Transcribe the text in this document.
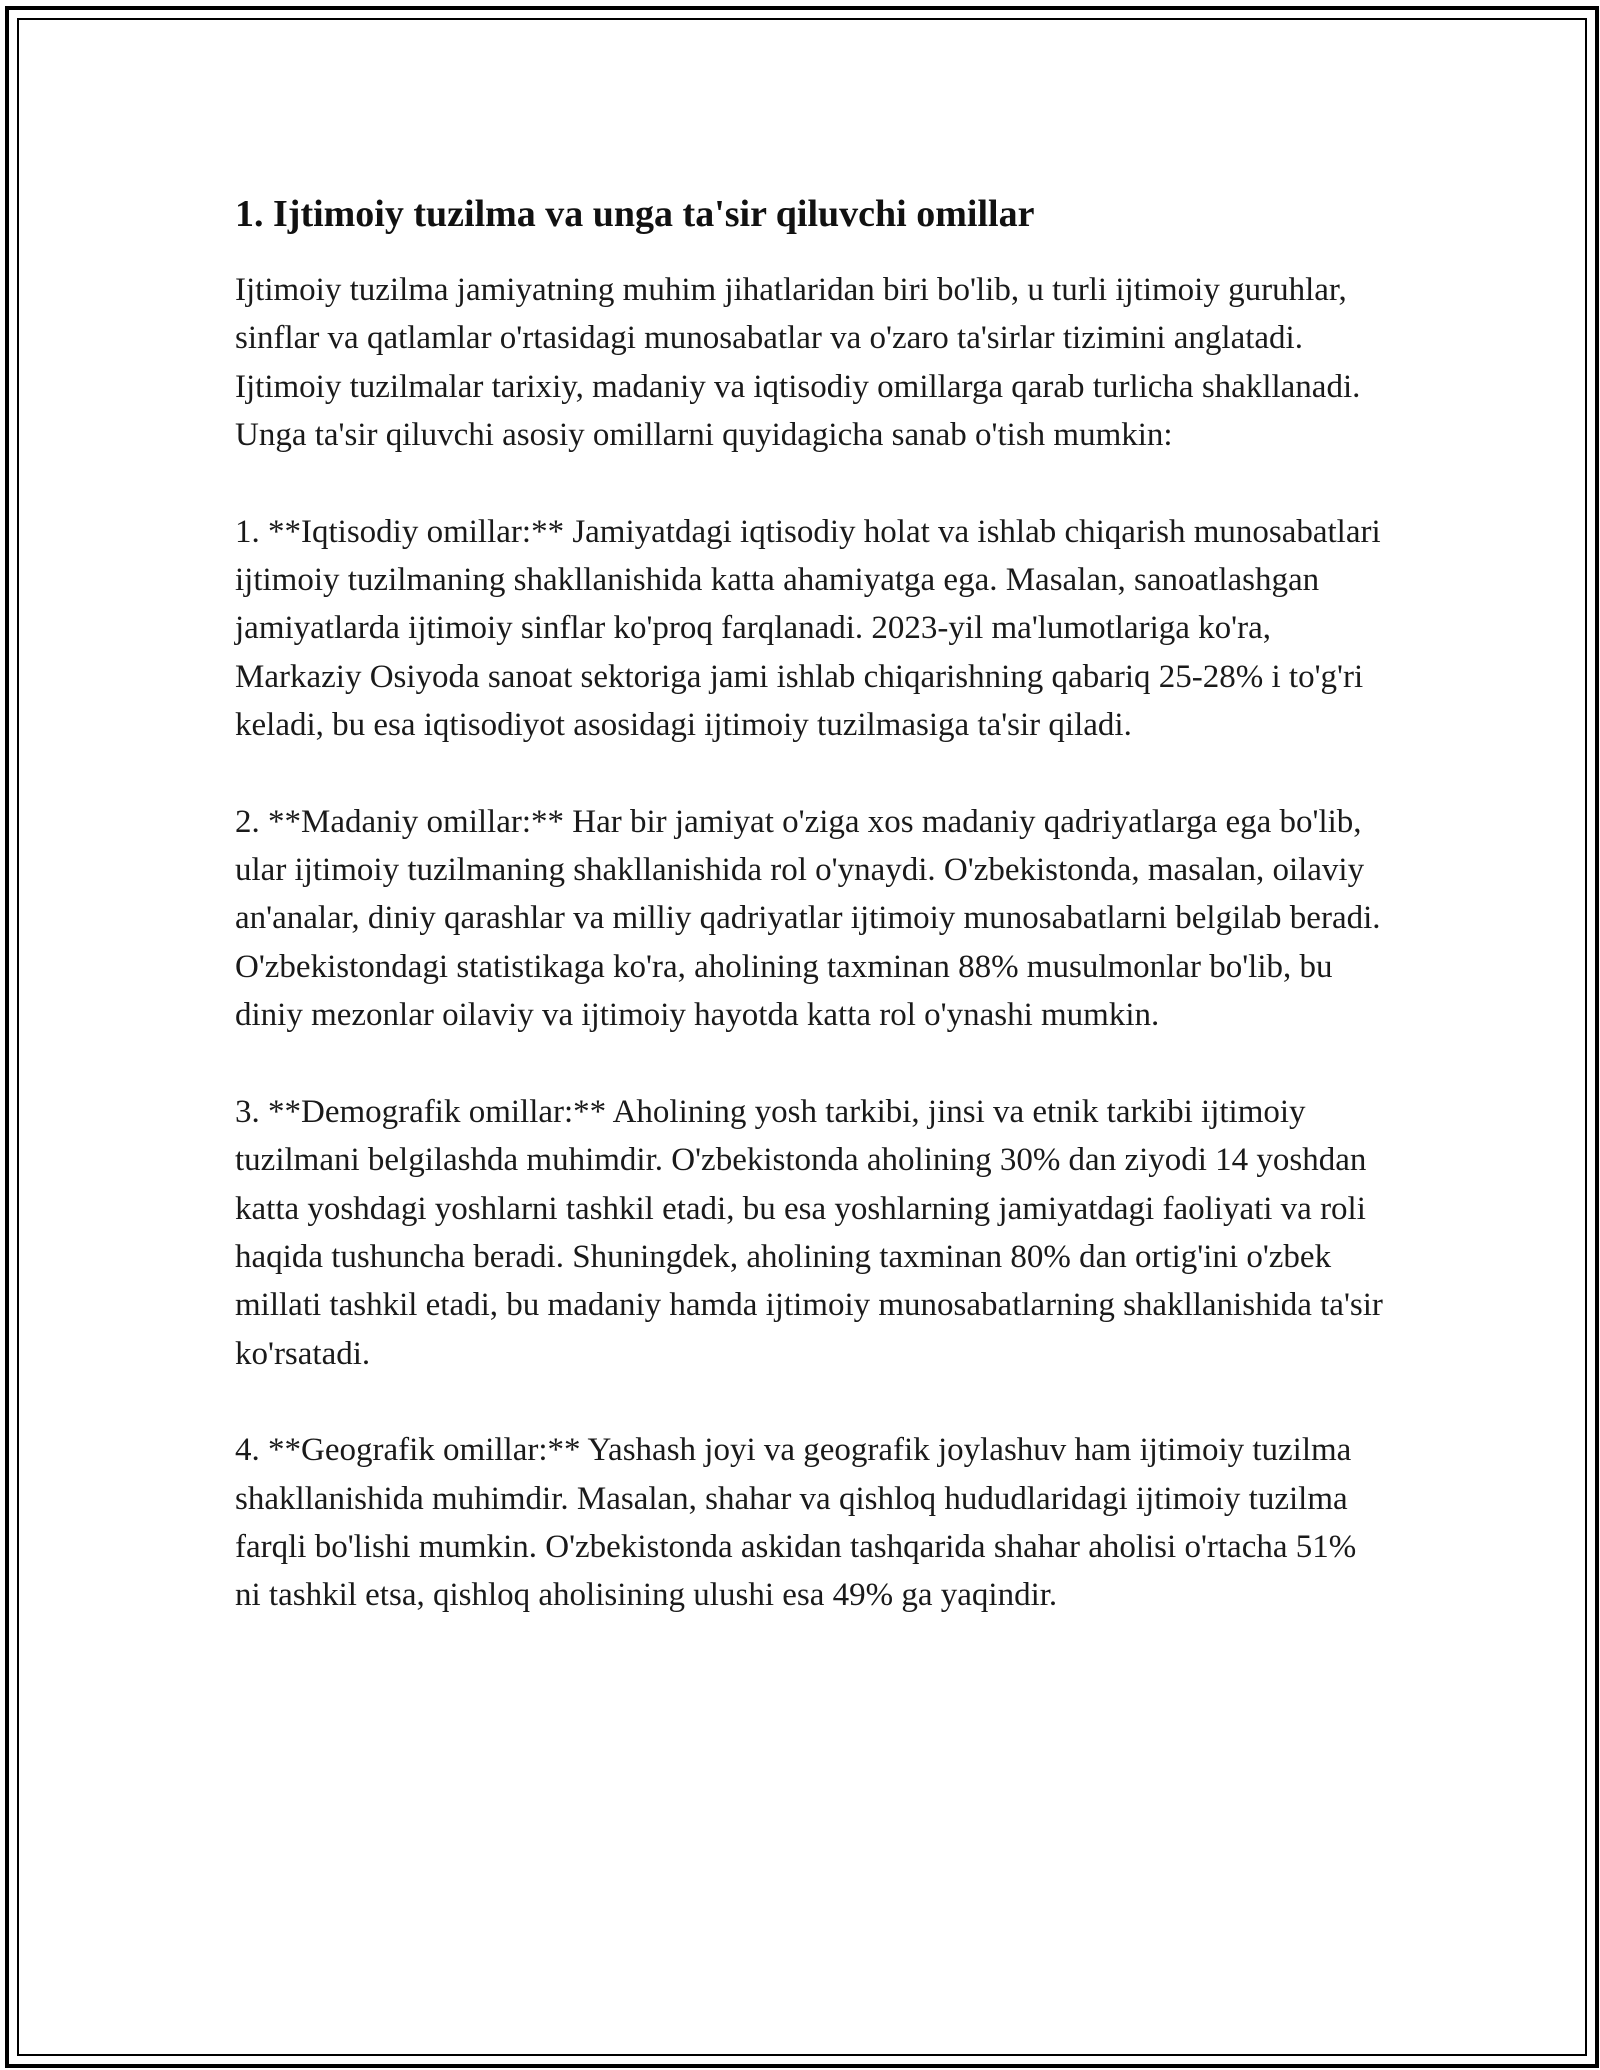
1. Ijtimoiy tuzilma va unga ta'sir qiluvchi omillar

Ijtimoiy tuzilma jamiyatning muhim jihatlaridan biri bo'lib, u turli ijtimoiy guruhlar, sinflar va qatlamlar o'rtasidagi munosabatlar va o'zaro ta'sirlar tizimini anglatadi. Ijtimoiy tuzilmalar tarixiy, madaniy va iqtisodiy omillarga qarab turlicha shakllanadi. Unga ta'sir qiluvchi asosiy omillarni quyidagicha sanab o'tish mumkin:

1. **Iqtisodiy omillar:** Jamiyatdagi iqtisodiy holat va ishlab chiqarish munosabatlari ijtimoiy tuzilmaning shakllanishida katta ahamiyatga ega. Masalan, sanoatlashgan jamiyatlarda ijtimoiy sinflar ko'proq farqlanadi. 2023-yil ma'lumotlariga ko'ra, Markaziy Osiyoda sanoat sektoriga jami ishlab chiqarishning qabariq 25-28% i to'g'ri keladi, bu esa iqtisodiyot asosidagi ijtimoiy tuzilmasiga ta'sir qiladi.

2. **Madaniy omillar:** Har bir jamiyat o'ziga xos madaniy qadriyatlarga ega bo'lib, ular ijtimoiy tuzilmaning shakllanishida rol o'ynaydi. O'zbekistonda, masalan, oilaviy an'analar, diniy qarashlar va milliy qadriyatlar ijtimoiy munosabatlarni belgilab beradi. O'zbekistondagi statistikaga ko'ra, aholining taxminan 88% musulmonlar bo'lib, bu diniy mezonlar oilaviy va ijtimoiy hayotda katta rol o'ynashi mumkin.

3. **Demografik omillar:** Aholining yosh tarkibi, jinsi va etnik tarkibi ijtimoiy tuzilmani belgilashda muhimdir. O'zbekistonda aholining 30% dan ziyodi 14 yoshdan katta yoshdagi yoshlarni tashkil etadi, bu esa yoshlarning jamiyatdagi faoliyati va roli haqida tushuncha beradi. Shuningdek, aholining taxminan 80% dan ortig'ini o'zbek millati tashkil etadi, bu madaniy hamda ijtimoiy munosabatlarning shakllanishida ta'sir ko'rsatadi.

4. **Geografik omillar:** Yashash joyi va geografik joylashuv ham ijtimoiy tuzilma shakllanishida muhimdir. Masalan, shahar va qishloq hududlaridagi ijtimoiy tuzilma farqli bo'lishi mumkin. O'zbekistonda askidan tashqarida shahar aholisi o'rtacha 51% ni tashkil etsa, qishloq aholisining ulushi esa 49% ga yaqindir.
